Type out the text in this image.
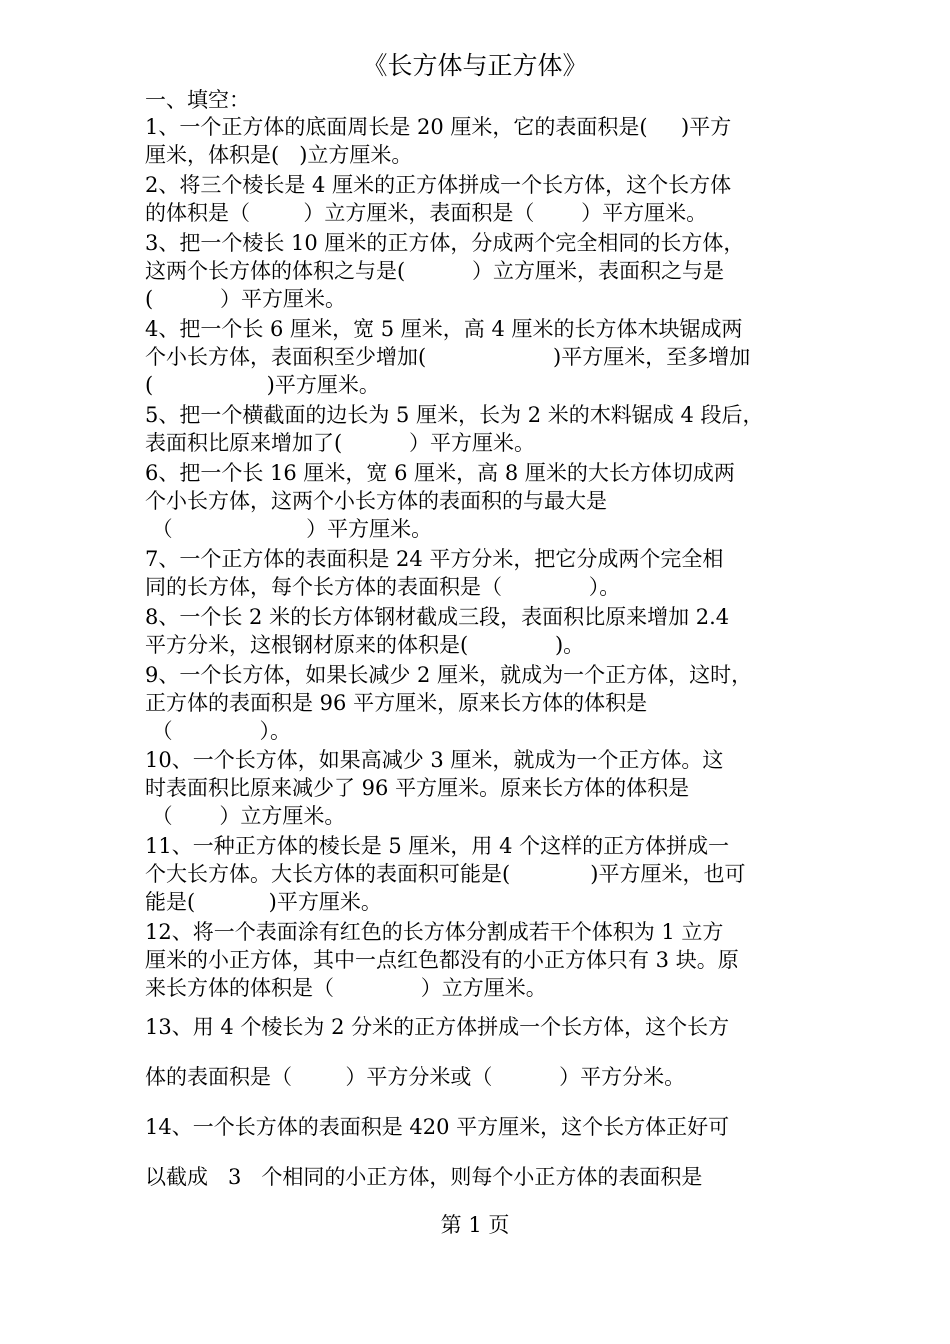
《长方体与正方体》
一、填空：
1、一个正方体的底面周长是 20 厘米，它的表面积是(     )平方
厘米，体积是(   )立方厘米。
2、将三个棱长是 4 厘米的正方体拼成一个长方体，这个长方体
的体积是（        ）立方厘米，表面积是（       ）平方厘米。
3、把一个棱长 10 厘米的正方体，分成两个完全相同的长方体，
这两个长方体的体积之与是(          ）立方厘米，表面积之与是
(          ）平方厘米。
4、把一个长 6 厘米，宽 5 厘米，高 4 厘米的长方体木块锯成两
个小长方体，表面积至少增加(                   )平方厘米，至多增加
(                 )平方厘米。
5、把一个横截面的边长为 5 厘米，长为 2 米的木料锯成 4 段后，
表面积比原来增加了(          ）平方厘米。
6、把一个长 16 厘米，宽 6 厘米，高 8 厘米的大长方体切成两
个小长方体，这两个小长方体的表面积的与最大是
（                    ）平方厘米。
7、一个正方体的表面积是 24 平方分米，把它分成两个完全相
同的长方体，每个长方体的表面积是（             ）。
8、一个长 2 米的长方体钢材截成三段，表面积比原来增加 2.4
平方分米，这根钢材原来的体积是(             )。
9、一个长方体，如果长减少 2 厘米，就成为一个正方体，这时，
正方体的表面积是 96 平方厘米，原来长方体的体积是
（             ）。
10、一个长方体，如果高减少 3 厘米，就成为一个正方体。这
时表面积比原来减少了 96 平方厘米。原来长方体的体积是
（       ）立方厘米。
11、一种正方体的棱长是 5 厘米，用 4 个这样的正方体拼成一
个大长方体。大长方体的表面积可能是(            )平方厘米，也可
能是(           )平方厘米。
12、将一个表面涂有红色的长方体分割成若干个体积为 1 立方
厘米的小正方体，其中一点红色都没有的小正方体只有 3 块。原
来长方体的体积是（             ）立方厘米。
13、用 4 个棱长为 2 分米的正方体拼成一个长方体，这个长方
体的表面积是（        ）平方分米或（          ）平方分米。
14、一个长方体的表面积是 420 平方厘米，这个长方体正好可
以截成   3   个相同的小正方体，则每个小正方体的表面积是
第 1 页
